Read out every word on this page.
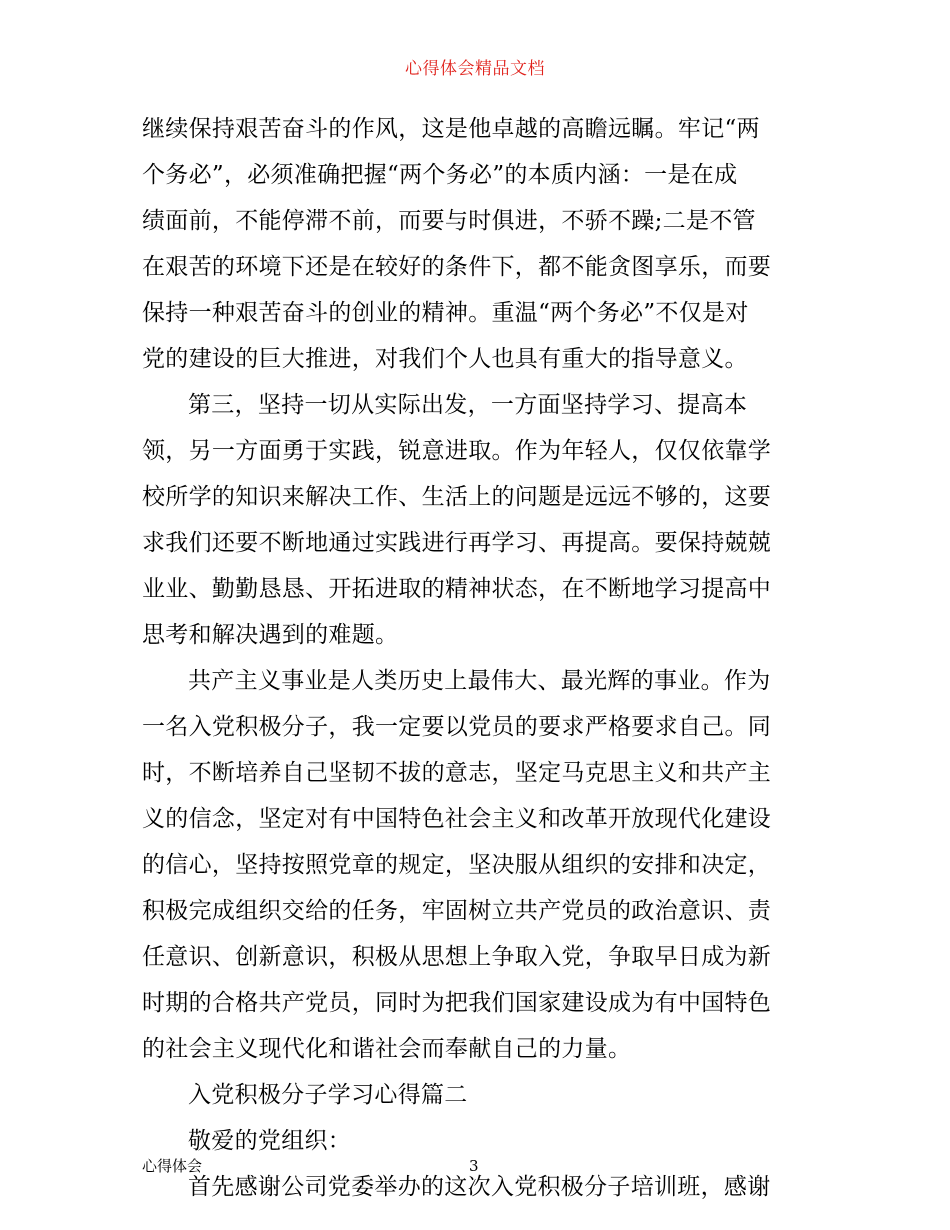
心得体会精品文档
继续保持艰苦奋斗的作风，这是他卓越的高瞻远瞩。牢记“两
个务必”，必须准确把握“两个务必”的本质内涵：一是在成
绩面前，不能停滞不前，而要与时俱进，不骄不躁;二是不管
在艰苦的环境下还是在较好的条件下，都不能贪图享乐，而要
保持一种艰苦奋斗的创业的精神。重温“两个务必”不仅是对
党的建设的巨大推进，对我们个人也具有重大的指导意义。
第三，坚持一切从实际出发，一方面坚持学习、提高本
领，另一方面勇于实践，锐意进取。作为年轻人，仅仅依靠学
校所学的知识来解决工作、生活上的问题是远远不够的，这要
求我们还要不断地通过实践进行再学习、再提高。要保持兢兢
业业、勤勤恳恳、开拓进取的精神状态，在不断地学习提高中
思考和解决遇到的难题。
共产主义事业是人类历史上最伟大、最光辉的事业。作为
一名入党积极分子，我一定要以党员的要求严格要求自己。同
时，不断培养自己坚韧不拔的意志，坚定马克思主义和共产主
义的信念，坚定对有中国特色社会主义和改革开放现代化建设
的信心，坚持按照党章的规定，坚决服从组织的安排和决定，
积极完成组织交给的任务，牢固树立共产党员的政治意识、责
任意识、创新意识，积极从思想上争取入党，争取早日成为新
时期的合格共产党员，同时为把我们国家建设成为有中国特色
的社会主义现代化和谐社会而奉献自己的力量。
入党积极分子学习心得篇二
敬爱的党组织：
首先感谢公司党委举办的这次入党积极分子培训班，感谢
心得体会	3
